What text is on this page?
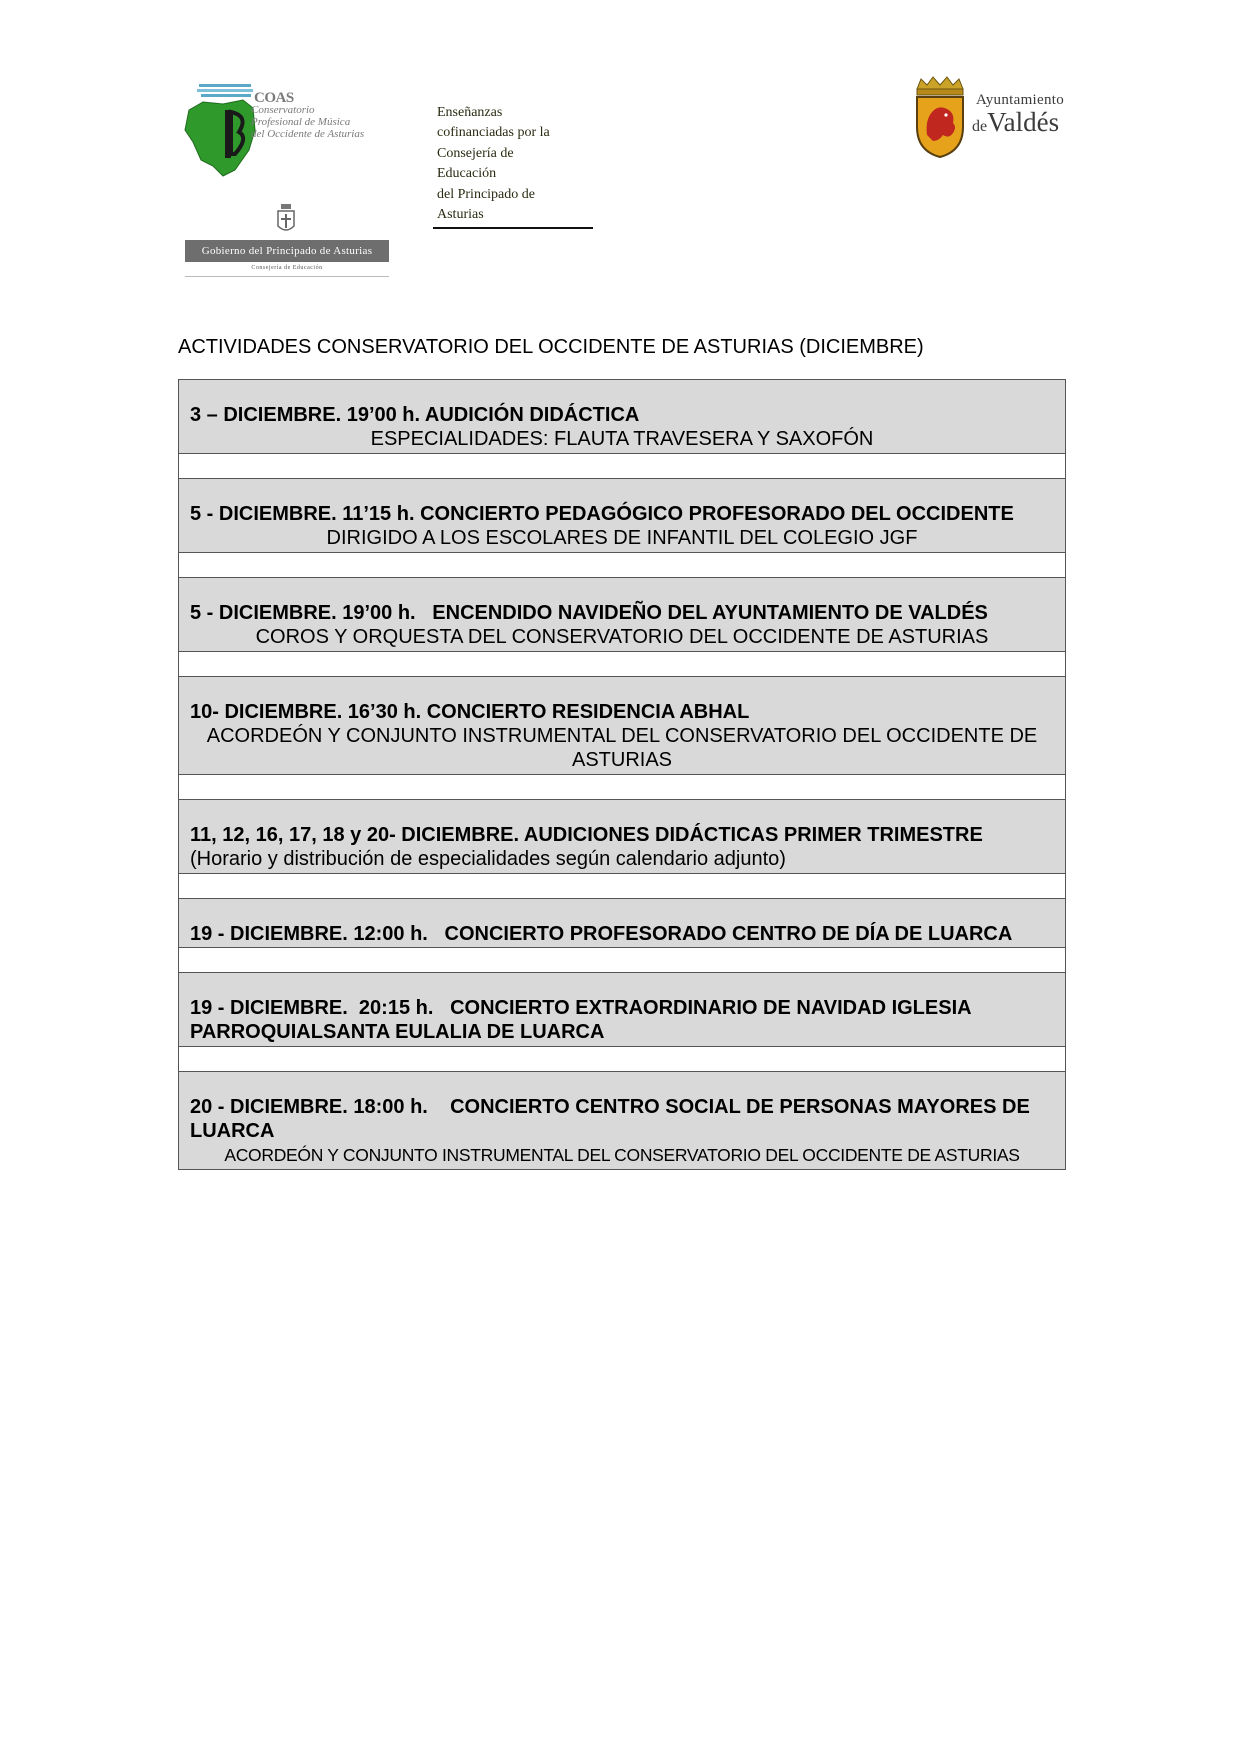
COAS
Conservatorio
Profesional de Música
del Occidente de Asturias
Gobierno del Principado de Asturias
Consejería de Educación
Enseñanzas
cofinanciadas por la
Consejería de
Educación
del Principado de
Asturias
Ayuntamiento
deValdés
ACTIVIDADES CONSERVATORIO DEL OCCIDENTE DE ASTURIAS (DICIEMBRE)
3 – DICIEMBRE. 19’00 h. AUDICIÓN DIDÁCTICA
ESPECIALIDADES: FLAUTA TRAVESERA Y SAXOFÓN
5 - DICIEMBRE. 11’15 h. CONCIERTO PEDAGÓGICO PROFESORADO DEL OCCIDENTE
DIRIGIDO A LOS ESCOLARES DE INFANTIL DEL COLEGIO JGF
5 - DICIEMBRE. 19’00 h.   ENCENDIDO NAVIDEÑO DEL AYUNTAMIENTO DE VALDÉS
COROS Y ORQUESTA DEL CONSERVATORIO DEL OCCIDENTE DE ASTURIAS
10- DICIEMBRE. 16’30 h. CONCIERTO RESIDENCIA ABHAL
ACORDEÓN Y CONJUNTO INSTRUMENTAL DEL CONSERVATORIO DEL OCCIDENTE DE ASTURIAS
11, 12, 16, 17, 18 y 20- DICIEMBRE. AUDICIONES DIDÁCTICAS PRIMER TRIMESTRE
(Horario y distribución de especialidades según calendario adjunto)
19 - DICIEMBRE. 12:00 h.   CONCIERTO PROFESORADO CENTRO DE DÍA DE LUARCA
19 - DICIEMBRE.  20:15 h.   CONCIERTO EXTRAORDINARIO DE NAVIDAD IGLESIA PARROQUIALSANTA EULALIA DE LUARCA
20 - DICIEMBRE. 18:00 h.    CONCIERTO CENTRO SOCIAL DE PERSONAS MAYORES DE LUARCA
ACORDEÓN Y CONJUNTO INSTRUMENTAL DEL CONSERVATORIO DEL OCCIDENTE DE ASTURIAS
